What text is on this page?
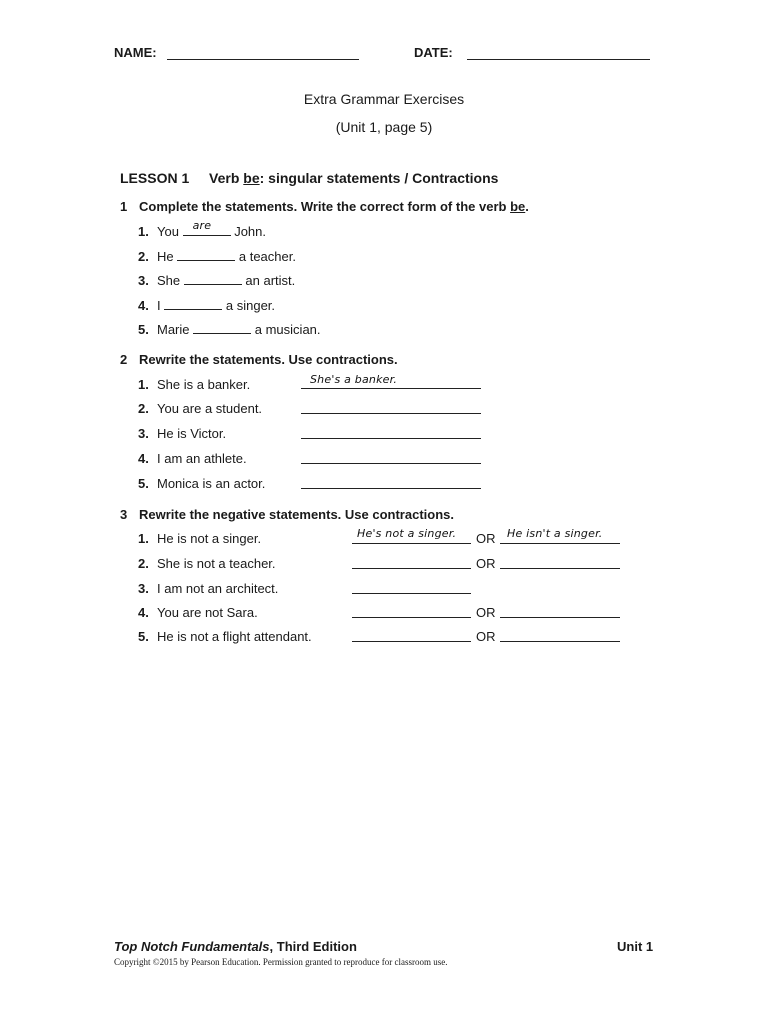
NAME:	DATE:
Extra Grammar Exercises
(Unit 1, page 5)
LESSON 1 Verb be: singular statements / Contractions
1 Complete the statements. Write the correct form of the verb be.
1. You are John.
2. He	a teacher.
3. She	an artist.
4. I	a singer.
5. Marie	a musician.
2 Rewrite the statements. Use contractions.
1. She is a banker.	She's a banker.
2. You are a student.
3. He is Victor.
4. I am an athlete.
5. Monica is an actor.
3 Rewrite the negative statements. Use contractions.
1. He is not a singer.	He's not a singer. OR He isn't a singer.
2. She is not a teacher.	OR
3. I am not an architect.
4. You are not Sara.	OR
5. He is not a flight attendant.	OR
Top Notch Fundamentals, Third Edition	Unit 1
Copyright ©2015 by Pearson Education. Permission granted to reproduce for classroom use.
